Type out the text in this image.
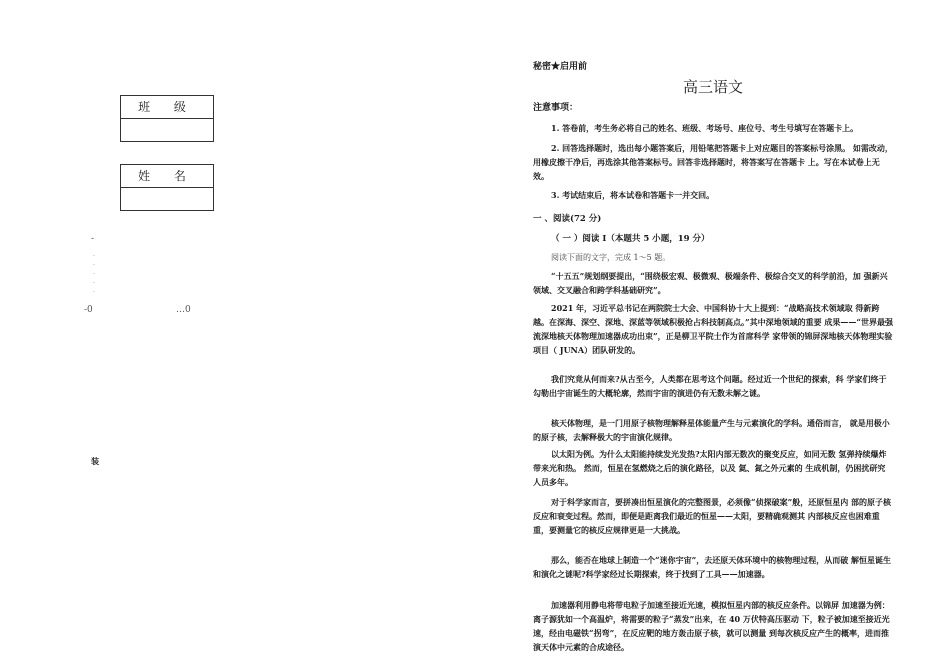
班 级
姓 名
-
·
·
·
·
·
-0	…0
装
秘密★启用前
高三语文
注意事项：
1. 答卷前，考生务必将自己的姓名、班级、考场号、座位号、考生号填写在答题卡上。
2. 回答选择题时，选出每小题答案后，用铅笔把答题卡上对应题目的答案标号涂黑。 如需改动，用橡皮擦干净后，再选涂其他答案标号。回答非选择题时，将答案写在答题卡 上。写在本试卷上无效。
3. 考试结束后，将本试卷和答题卡一并交回。
一 、阅读(72 分)
（ 一 ）阅读 Ⅰ（本题共 5 小题，19 分）
阅读下面的文字，完成 1～5 题。
“十五五”规划纲要提出，“围绕极宏观、极微观、极端条件、极综合交叉的科学前沿，加 强新兴领域、交叉融合和跨学科基础研究”。
2021 年，习近平总书记在两院院士大会、中国科协十大上提到：“战略高技术领域取 得新跨越。在深海、深空、深地、深蓝等领域积极抢占科技制高点。”其中深地领域的重要 成果——“世界最强流深地核天体物理加速器成功出束”，正是柳卫平院士作为首席科学 家带领的锦屏深地核天体物理实验项目（ JUNA）团队研发的。
我们究竟从何而来?从古至今，人类都在思考这个问题。经过近一个世纪的探索，科 学家们终于勾勒出宇宙诞生的大概轮廓，然而宇宙的演进仍有无数未解之谜。
核天体物理，是一门用原子核物理解释星体能量产生与元素演化的学科。通俗而言， 就是用极小的原子核，去解释极大的宇宙演化规律。
以太阳为例。为什么太阳能持续发光发热?太阳内部无数次的聚变反应，如同无数 氢弹持续爆炸带来光和热。 然而，恒星在氢燃烧之后的演化路径，以及 氦、氮之外元素的 生成机制，仍困扰研究人员多年。
对于科学家而言，要拼凑出恒星演化的完整图景，必须像“侦探破案”般，还原恒星内 部的原子核反应和衰变过程。然而，即便是距离我们最近的恒星——太阳，要精确观测其 内部核反应也困难重重，要测量它的核反应规律更是一大挑战。
那么，能否在地球上制造一个“迷你宇宙”，去还原天体环境中的核物理过程，从而破 解恒星诞生和演化之谜呢?科学家经过长期探索，终于找到了工具——加速器。
加速器利用静电将带电粒子加速至接近光速，模拟恒星内部的核反应条件。以锦屏 加速器为例：离子源犹如一个高温炉，将需要的粒子“蒸发”出来，在 40 万伏特高压驱动 下，粒子被加速至接近光速，经由电磁铁“拐弯”，在反应靶的地方轰击原子核，就可以测量 到每次核反应产生的概率，进而推演天体中元素的合成途径。
